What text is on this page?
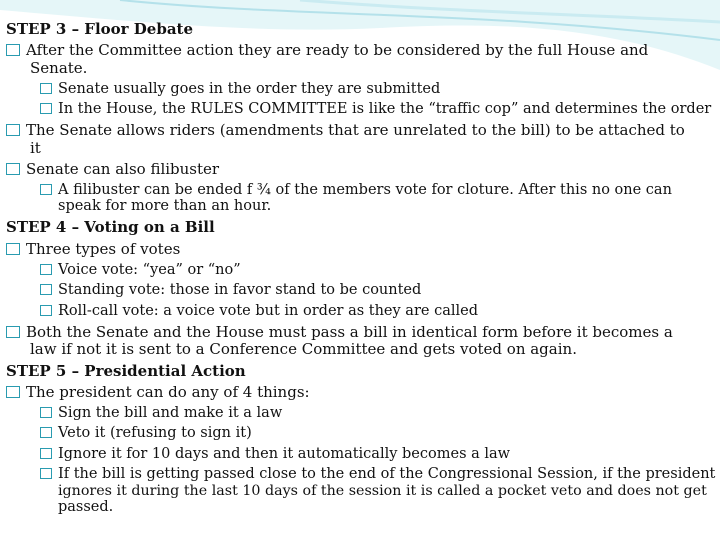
STEP 3 – Floor Debate
After the Committee action they are ready to be considered by the full House and
Senate.
Senate usually goes in the order they are submitted
In the House, the RULES COMMITTEE is like the “traffic cop” and determines the order
The Senate allows riders (amendments that are unrelated to the bill) to be attached to
it
Senate can also filibuster
A filibuster can be ended f ¾ of the members vote for cloture. After this no one can
speak for more than an hour.
STEP 4 – Voting on a Bill
Three types of votes
Voice vote: “yea” or “no”
Standing vote: those in favor stand to be counted
Roll-call vote: a voice vote but in order as they are called
Both the Senate and the House must pass a bill in identical form before it becomes a
law if not it is sent to a Conference Committee and gets voted on again.
STEP 5 – Presidential Action
The president can do any of 4 things:
Sign the bill and make it a law
Veto it (refusing to sign it)
Ignore it for 10 days and then it automatically becomes a law
If the bill is getting passed close to the end of the Congressional Session, if the president
ignores it during the last 10 days of the session it is called a pocket veto and does not get
passed.
